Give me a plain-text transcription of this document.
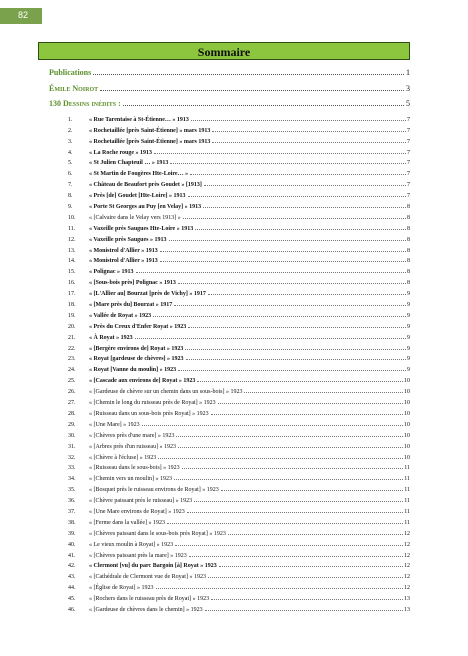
82
Sommaire
Publications	1
Émile Noirot	3
130 Dessins inédits :	5
1.	« Rue Tarentaise à St-Étienne… » 1913	7
2.	« Rochetaillée [près Saint-Étienne] » mars 1913	7
3.	« Rochetaillée [près Saint-Étienne] » mars 1913	7
4.	« La Roche rouge » 1913	7
5.	« St Julien Chapteuil … » 1913	7
6.	« St Martin de Fougères Hte-Loire… »	7
7.	« Château de Beaufort près Goudet » [1913]	7
8.	« Près [de] Goudet [Hte-Loire] » 1913	7
9.	« Porte St Georges au Puy [en Velay] » 1913	8
10.	« [Calvaire dans le Velay vers 1913] »	8
11.	« Vaxeille près Saugues Hte-Loire » 1913	8
12.	« Vaxeille près Saugues » 1913	8
13.	« Monistrol d'Allier » 1913	8
14.	« Monistrol d'Allier » 1913	8
15.	« Polignac » 1913	8
16.	« [Sous-bois près] Polignac » 1913	8
17.	« [L'Allier au] Bourzat [près de Vichy] » 1917	9
18.	« [Mare près du] Bourzat » 1917	9
19.	« Vallée de Royat » 1923	9
20.	« Près du Creux d'Enfer Royat » 1923	9
21.	« À Royat » 1923	9
22.	« [Bergère environs de] Royat » 1923	9
23.	« Royat [gardeuse de chèvres] » 1923	9
24.	« Royat [Vanne du moulin] » 1923	9
25.	« [Cascade aux environs de] Royat » 1923	10
26.	« [Gardeuse de chèvre sur un chemin dans un sous-bois] » 1923	10
27.	« [Chemin le long du ruisseau près de Royat] » 1923	10
28.	« [Ruisseau dans un sous-bois près Royat] » 1923	10
29.	« [Une Mare] » 1923	10
30.	« [Chèvres près d'une mare] » 1923	10
31.	« [Arbres près d'un ruisseau] » 1923	10
32.	« [Chèvre à l'écluse] » 1923	10
33.	« [Ruisseau dans le sous-bois] » 1923	11
34.	« [Chemin vers un moulin] » 1923	11
35.	« [Bosquet près le ruisseau environs de Royat] » 1923	11
36.	« [Chèvre paissant près le ruisseau] » 1923	11
37.	« [Une Mare environs de Royat] » 1923	11
38.	« [Ferme dans la vallée] » 1923	11
39.	« [Chèvres paissant dans le sous-bois près Royat] » 1923	12
40.	« Le vieux moulin à Royat] » 1923	12
41.	« [Chèvres paissant près la mare] » 1923	12
42.	« Clermont [vu] du parc Bargoin [à] Royat » 1923	12
43.	« [Cathédrale de Clermont vue de Royat] » 1923	12
44.	« [Église de Royat] » 1923	12
45.	« [Rochers dans le ruisseau près de Royat] » 1923	13
46.	« [Gardeuse de chèvres dans le chemin] » 1923	13
